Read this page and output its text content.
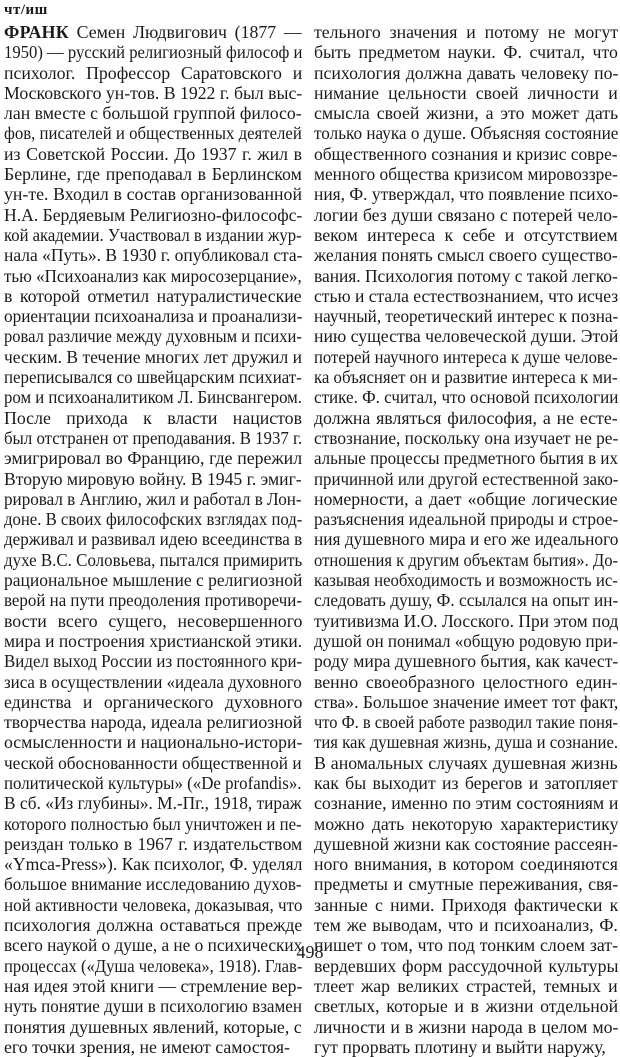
чт/иш
ФРАНК Семен Людвигович (1877 —
1950) — русский религиозный философ и
психолог. Профессор Саратовского и
Московского ун-тов. В 1922 г. был выс-
лан вместе с большой группой филосо-
фов, писателей и общественных деятелей
из Советской России. До 1937 г. жил в
Берлине, где преподавал в Берлинском
ун-те. Входил в состав организованной
Н.А. Бердяевым Религиозно-философс-
кой академии. Участвовал в издании жур-
нала «Путь». В 1930 г. опубликовал ста-
тью «Психоанализ как миросозерцание»,
в которой отметил натуралистические
ориентации психоанализа и проанализи-
ровал различие между духовным и психи-
ческим. В течение многих лет дружил и
переписывался со швейцарским психиат-
ром и психоаналитиком Л. Бинсвангером.
После прихода к власти нацистов
был отстранен от преподавания. В 1937 г.
эмигрировал во Францию, где пережил
Вторую мировую войну. В 1945 г. эмиг-
рировал в Англию, жил и работал в Лон-
доне. В своих философских взглядах под-
держивал и развивал идею всеединства в
духе В.С. Соловьева, пытался примирить
рациональное мышление с религиозной
верой на пути преодоления противоречи-
вости всего сущего, несовершенного
мира и построения христианской этики.
Видел выход России из постоянного кри-
зиса в осуществлении «идеала духовного
единства и органического духовного
творчества народа, идеала религиозной
осмысленности и национально-истори-
ческой обоснованности общественной и
политической культуры» («De profandis».
В сб. «Из глубины». М.-Пг., 1918, тираж
которого полностью был уничтожен и пе-
реиздан только в 1967 г. издательством
«Ymca-Press»). Как психолог, Ф. уделял
большое внимание исследованию духов-
ной активности человека, доказывая, что
психология должна оставаться прежде
всего наукой о душе, а не о психических
процессах («Душа человека», 1918). Глав-
ная идея этой книги — стремление вер-
нуть понятие души в психологию взамен
понятия душевных явлений, которые, с
его точки зрения, не имеют самостоя-
тельного значения и потому не могут
быть предметом науки. Ф. считал, что
психология должна давать человеку по-
нимание цельности своей личности и
смысла своей жизни, а это может дать
только наука о душе. Объясняя состояние
общественного сознания и кризис совре-
менного общества кризисом мировоззре-
ния, Ф. утверждал, что появление психо-
логии без души связано с потерей чело-
веком интереса к себе и отсутствием
желания понять смысл своего существо-
вания. Психология потому с такой легко-
стью и стала естествознанием, что исчез
научный, теоретический интерес к позна-
нию существа человеческой души. Этой
потерей научного интереса к душе челове-
ка объясняет он и развитие интереса к ми-
стике. Ф. считал, что основой психологии
должна являться философия, а не есте-
ствознание, поскольку она изучает не ре-
альные процессы предметного бытия в их
причинной или другой естественной зако-
номерности, а дает «общие логические
разъяснения идеальной природы и строе-
ния душевного мира и его же идеального
отношения к другим объектам бытия». До-
казывая необходимость и возможность ис-
следовать душу, Ф. ссылался на опыт ин-
туитивизма И.О. Лосского. При этом под
душой он понимал «общую родовую при-
роду мира душевного бытия, как качест-
венно своеобразного целостного един-
ства». Большое значение имеет тот факт,
что Ф. в своей работе разводил такие поня-
тия как душевная жизнь, душа и сознание.
В аномальных случаях душевная жизнь
как бы выходит из берегов и затопляет
сознание, именно по этим состояниям и
можно дать некоторую характеристику
душевной жизни как состояние рассеян-
ного внимания, в котором соединяются
предметы и смутные переживания, свя-
занные с ними. Приходя фактически к
тем же выводам, что и психоанализ, Ф.
пишет о том, что под тонким слоем зат-
вердевших форм рассудочной культуры
тлеет жар великих страстей, темных и
светлых, которые и в жизни отдельной
личности и в жизни народа в целом мо-
гут прорвать плотину и выйти наружу,
498
